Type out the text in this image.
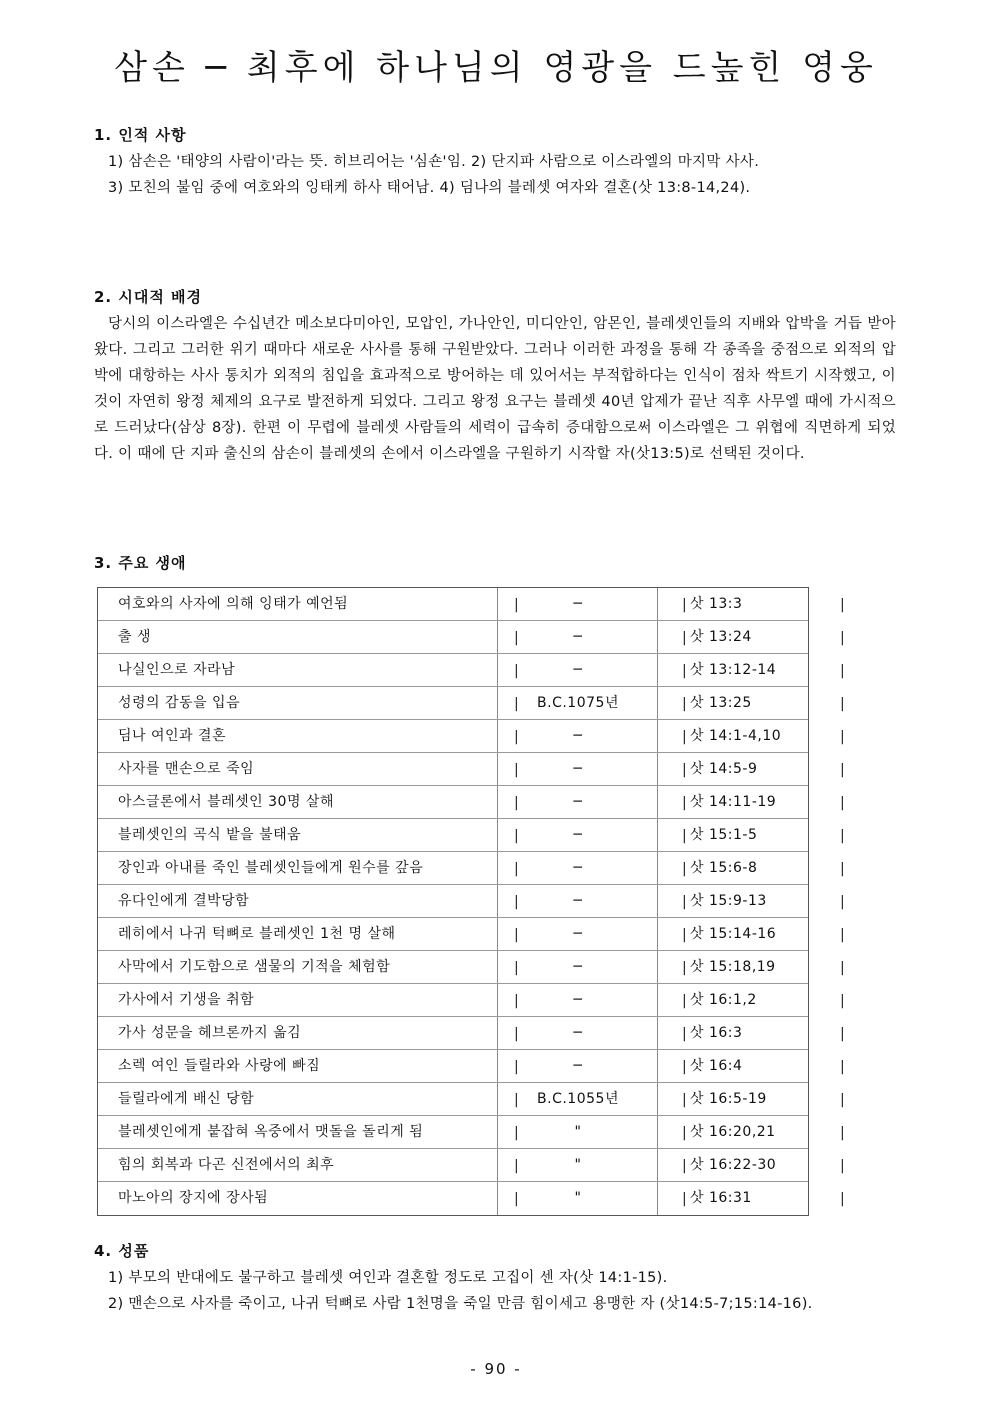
삼손 ─ 최후에 하나님의 영광을 드높힌 영웅
1. 인적 사항

1) 삼손은 '태양의 사람이'라는 뜻. 히브리어는 '심숀'임. 2) 단지파 사람으로 이스라엘의 마지막 사사.

3) 모친의 불임 중에 여호와의 잉태케 하사 태어남. 4) 딤나의 블레셋 여자와 결혼(삿 13:8-14,24).

2. 시대적 배경

당시의 이스라엘은 수십년간 메소보다미아인, 모압인, 가나안인, 미디안인, 암몬인, 블레셋인들의 지배와 압박을 거듭 받아왔다. 그리고 그러한 위기 때마다 새로운 사사를 통해 구원받았다. 그러나 이러한 과정을 통해 각 종족을 중점으로 외적의 압박에 대항하는 사사 통치가 외적의 침입을 효과적으로 방어하는 데 있어서는 부적합하다는 인식이 점차 싹트기 시작했고, 이것이 자연히 왕정 체제의 요구로 발전하게 되었다. 그리고 왕정 요구는 블레셋 40년 압제가 끝난 직후 사무엘 때에 가시적으로 드러났다(삼상 8장). 한편 이 무렵에 블레셋 사람들의 세력이 급속히 증대함으로써 이스라엘은 그 위협에 직면하게 되었다. 이 때에 단 지파 출신의 삼손이 블레셋의 손에서 이스라엘을 구원하기 시작할 자(삿13:5)로 선택된 것이다.

3. 주요 생애
여호와의 사자에 의해 잉태가 예언됨	|	─	| 삿 13:3	|
출 생	|	─	| 삿 13:24	|
나실인으로 자라남	|	─	| 삿 13:12-14	|
성령의 감동을 입음	|	B.C.1075년	| 삿 13:25	|
딤나 여인과 결혼	|	─	| 삿 14:1-4,10	|
사자를 맨손으로 죽임	|	─	| 삿 14:5-9	|
아스글론에서 블레셋인 30명 살해	|	─	| 삿 14:11-19	|
블레셋인의 곡식 밭을 불태움	|	─	| 삿 15:1-5	|
장인과 아내를 죽인 블레셋인들에게 원수를 갚음	|	─	| 삿 15:6-8	|
유다인에게 결박당함	|	─	| 삿 15:9-13	|
레히에서 나귀 턱뼈로 블레셋인 1천 명 살해	|	─	| 삿 15:14-16	|
사막에서 기도함으로 샘물의 기적을 체험함	|	─	| 삿 15:18,19	|
가사에서 기생을 취함	|	─	| 삿 16:1,2	|
가사 성문을 헤브론까지 옮김	|	─	| 삿 16:3	|
소렉 여인 들릴라와 사랑에 빠짐	|	─	| 삿 16:4	|
들릴라에게 배신 당함	|	B.C.1055년	| 삿 16:5-19	|
블레셋인에게 붙잡혀 옥중에서 맷돌을 돌리게 됨	|	"	| 삿 16:20,21	|
힘의 회복과 다곤 신전에서의 최후	|	"	| 삿 16:22-30	|
마노아의 장지에 장사됨	|	"	| 삿 16:31	|
4. 성품

1) 부모의 반대에도 불구하고 블레셋 여인과 결혼할 정도로 고집이 센 자(삿 14:1-15).

2) 맨손으로 사자를 죽이고, 나귀 턱뼈로 사람 1천명을 죽일 만큼 힘이세고 용맹한 자 (삿14:5-7;15:14-16).

- 90 -
